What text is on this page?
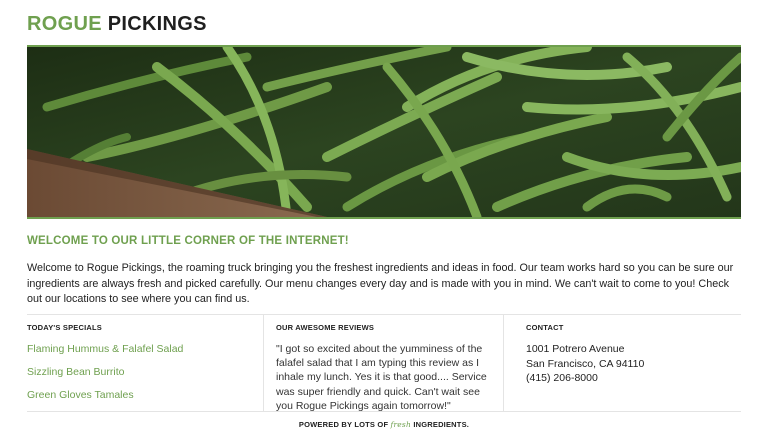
ROGUE PICKINGS
WELCOME TO OUR LITTLE CORNER OF THE INTERNET!

Welcome to Rogue Pickings, the roaming truck bringing you the freshest ingredients and ideas in food. Our team works hard so you can be sure our ingredients are always fresh and picked carefully. Our menu changes every day and is made with you in mind. We can't wait to come to you! Check out our locations to see where you can find us.

TODAY'S SPECIALS
Flaming Hummus & Falafel Salad
Sizzling Bean Burrito
Green Gloves Tamales
OUR AWESOME REVIEWS

"I got so excited about the yumminess of the falafel salad that I am typing this review as I inhale my lunch. Yes it is that good.... Service was super friendly and quick. Can't wait see you Rogue Pickings again tomorrow!"

CONTACT

1001 Potrero Avenue

San Francisco, CA 94110

(415) 206-8000

POWERED BY LOTS OF fresh INGREDIENTS.
